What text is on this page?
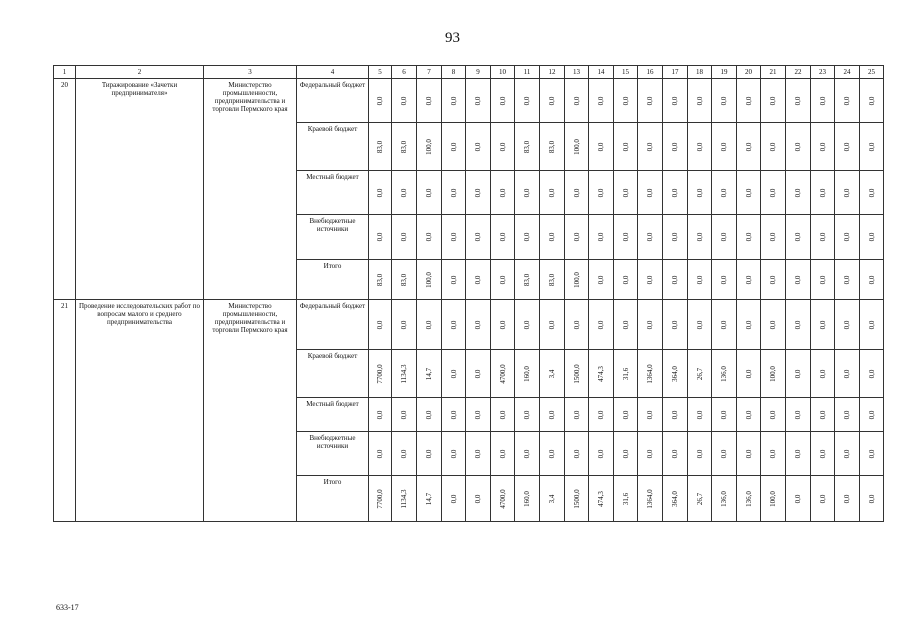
93
1	2	3	4	5	6	7	8	9	10	11	12	13	14	15	16	17	18	19	20	21	22	23	24	25
20	Тиражирование «Зачетки предпринимателя»	Министерство промышленности, предпринимательства и торговли Пермского края	Федеральный бюджет	0,0	0,0	0,0	0,0	0,0	0,0	0,0	0,0	0,0	0,0	0,0	0,0	0,0	0,0	0,0	0,0	0,0	0,0	0,0	0,0	0,0

			Краевой бюджет	83,0	83,0	100,0	0,0	0,0	0,0	83,0	83,0	100,0	0,0	0,0	0,0	0,0	0,0	0,0	0,0	0,0	0,0	0,0	0,0	0,0

			Местный бюджет	0,0	0,0	0,0	0,0	0,0	0,0	0,0	0,0	0,0	0,0	0,0	0,0	0,0	0,0	0,0	0,0	0,0	0,0	0,0	0,0	0,0

			Внебюджетные источники	0,0	0,0	0,0	0,0	0,0	0,0	0,0	0,0	0,0	0,0	0,0	0,0	0,0	0,0	0,0	0,0	0,0	0,0	0,0	0,0	0,0

			Итого	83,0	83,0	100,0	0,0	0,0	0,0	83,0	83,0	100,0	0,0	0,0	0,0	0,0	0,0	0,0	0,0	0,0	0,0	0,0	0,0	0,0

21	Проведение исследовательских работ по вопросам малого и среднего предпринимательства	Министерство промышленности, предпринимательства и торговли Пермского края	Федеральный бюджет	0,0	0,0	0,0	0,0	0,0	0,0	0,0	0,0	0,0	0,0	0,0	0,0	0,0	0,0	0,0	0,0	0,0	0,0	0,0	0,0	0,0

			Краевой бюджет	7700,0	1134,3	14,7	0,0	0,0	4700,0	160,0	3,4	1500,0	474,3	31,6	1364,0	364,0	26,7	136,0	0,0	100,0	0,0	0,0	0,0	0,0

			Местный бюджет	0,0	0,0	0,0	0,0	0,0	0,0	0,0	0,0	0,0	0,0	0,0	0,0	0,0	0,0	0,0	0,0	0,0	0,0	0,0	0,0	0,0

			Внебюджетные источники	0,0	0,0	0,0	0,0	0,0	0,0	0,0	0,0	0,0	0,0	0,0	0,0	0,0	0,0	0,0	0,0	0,0	0,0	0,0	0,0	0,0

			Итого	7700,0	1134,3	14,7	0,0	0,0	4700,0	160,0	3,4	1500,0	474,3	31,6	1364,0	364,0	26,7	136,0	136,0	100,0	0,0	0,0	0,0	0,0
633-17
